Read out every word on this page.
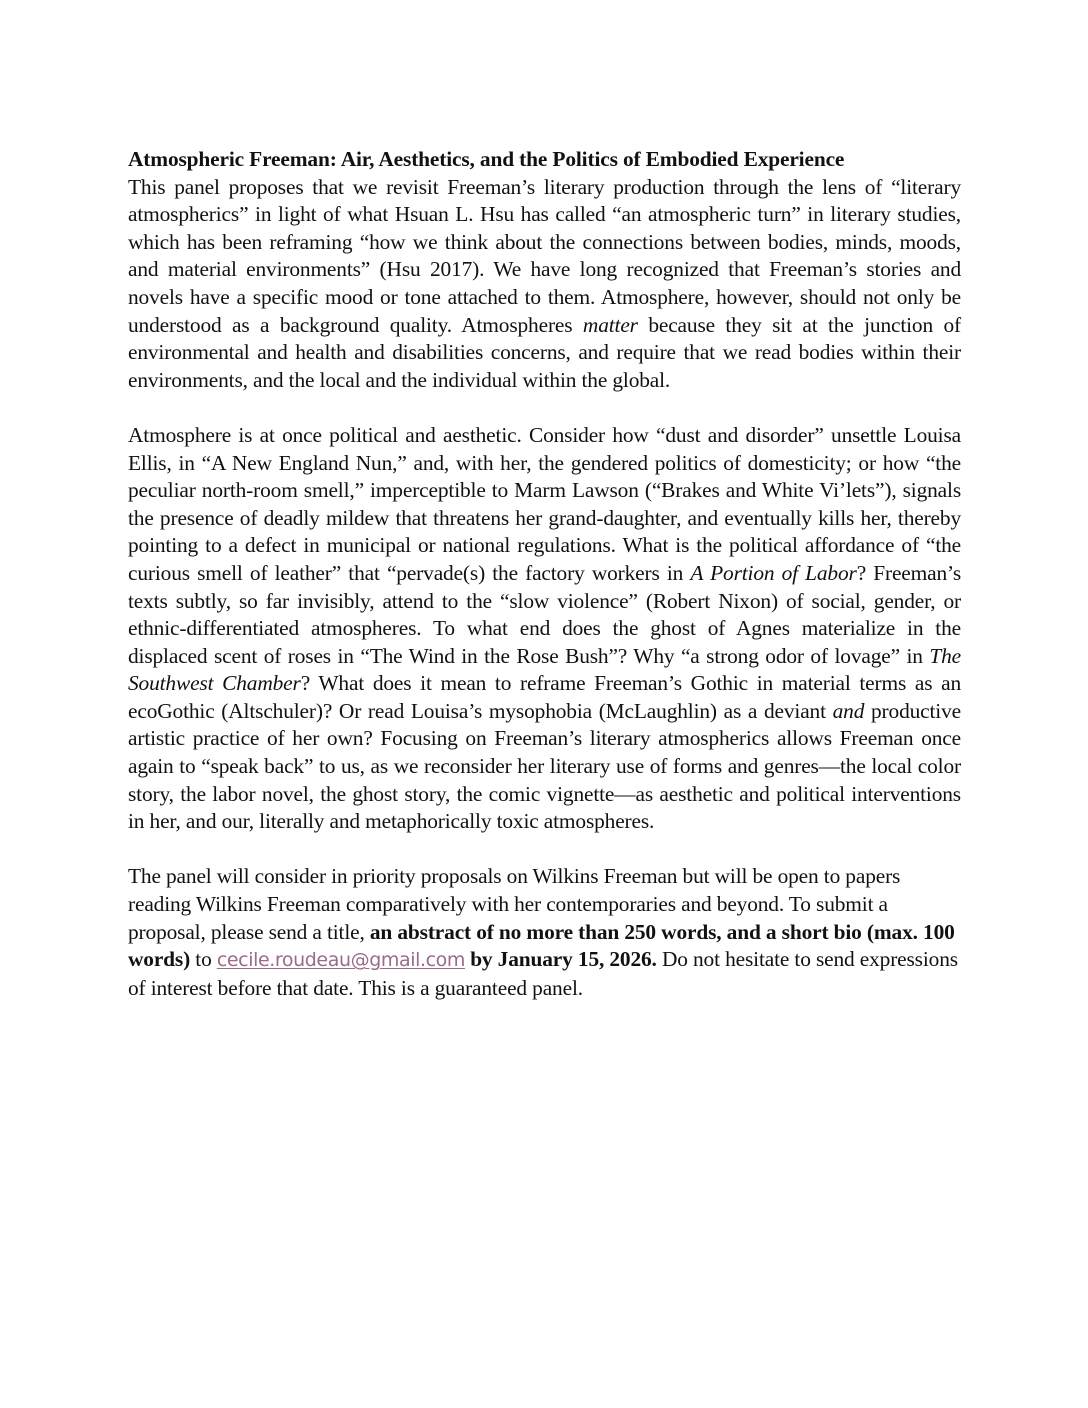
Atmospheric Freeman: Air, Aesthetics, and the Politics of Embodied Experience

This panel proposes that we revisit Freeman’s literary production through the lens of “literary atmospherics” in light of what Hsuan L. Hsu has called “an atmospheric turn” in literary studies, which has been reframing “how we think about the connections between bodies, minds, moods, and material environments” (Hsu 2017). We have long recognized that Freeman’s stories and novels have a specific mood or tone attached to them. Atmosphere, however, should not only be understood as a background quality. Atmospheres matter because they sit at the junction of environmental and health and disabilities concerns, and require that we read bodies within their environments, and the local and the individual within the global.

Atmosphere is at once political and aesthetic. Consider how “dust and disorder” unsettle Louisa Ellis, in “A New England Nun,” and, with her, the gendered politics of domesticity; or how “the peculiar north-room smell,” imperceptible to Marm Lawson (“Brakes and White Vi’lets”), signals the presence of deadly mildew that threatens her grand-daughter, and eventually kills her, thereby pointing to a defect in municipal or national regulations. What is the political affordance of “the curious smell of leather” that “pervade(s) the factory workers in A Portion of Labor? Freeman’s texts subtly, so far invisibly, attend to the “slow violence” (Robert Nixon) of social, gender, or ethnic-differentiated atmospheres. To what end does the ghost of Agnes materialize in the displaced scent of roses in “The Wind in the Rose Bush”? Why “a strong odor of lovage” in The Southwest Chamber? What does it mean to reframe Freeman’s Gothic in material terms as an ecoGothic (Altschuler)? Or read Louisa’s mysophobia (McLaughlin) as a deviant and productive artistic practice of her own? Focusing on Freeman’s literary atmospherics allows Freeman once again to “speak back” to us, as we reconsider her literary use of forms and genres—the local color story, the labor novel, the ghost story, the comic vignette—as aesthetic and political interventions in her, and our, literally and metaphorically toxic atmospheres.

The panel will consider in priority proposals on Wilkins Freeman but will be open to papers reading Wilkins Freeman comparatively with her contemporaries and beyond. To submit a proposal, please send a title, an abstract of no more than 250 words, and a short bio (max. 100 words) to cecile.roudeau@gmail.com by January 15, 2026. Do not hesitate to send expressions of interest before that date. This is a guaranteed panel.
